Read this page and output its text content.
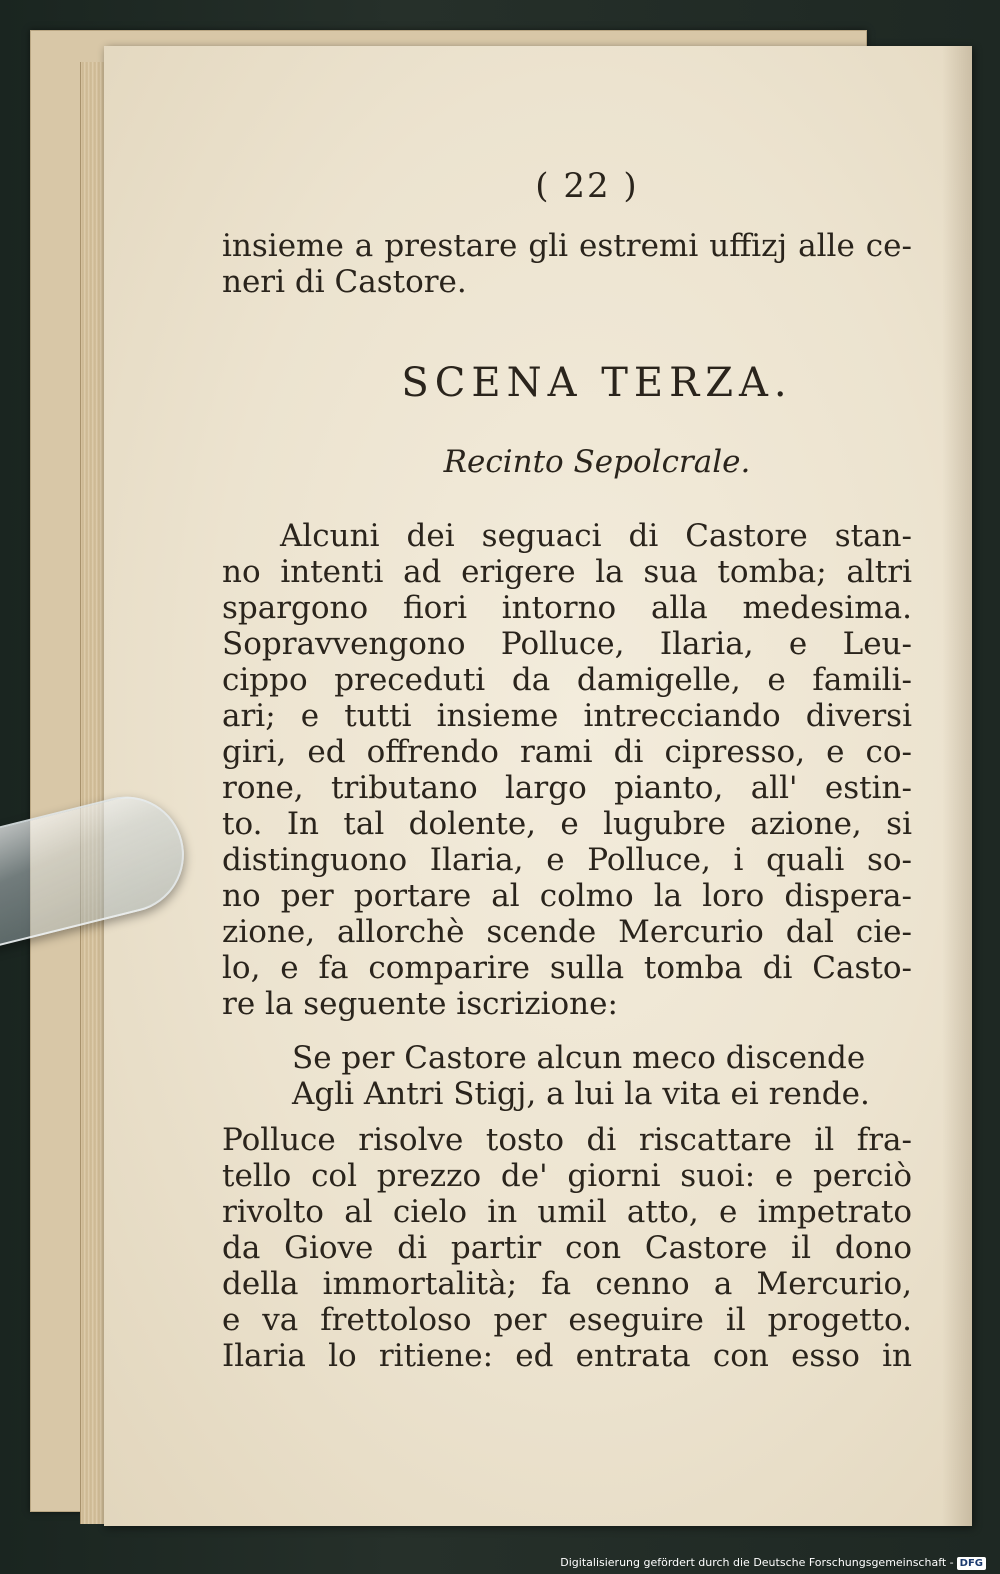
( 22 )
insieme a prestare gli estremi uffizj alle ce-
neri di Castore.
SCENA TERZA.
Recinto Sepolcrale.
Alcuni dei seguaci di Castore stan-
no intenti ad erigere la sua tomba; altri
spargono fiori intorno alla medesima.
Sopravvengono Polluce, Ilaria, e Leu-
cippo preceduti da damigelle, e famili-
ari; e tutti insieme intrecciando diversi
giri, ed offrendo rami di cipresso, e co-
rone, tributano largo pianto, all' estin-
to. In tal dolente, e lugubre azione, si
distinguono Ilaria, e Polluce, i quali so-
no per portare al colmo la loro dispera-
zione, allorchè scende Mercurio dal cie-
lo, e fa comparire sulla tomba di Casto-
re la seguente iscrizione:
Se per Castore alcun meco discende
Agli Antri Stigj, a lui la vita ei rende.
Polluce risolve tosto di riscattare il fra-
tello col prezzo de' giorni suoi: e perciò
rivolto al cielo in umil atto, e impetrato
da Giove di partir con Castore il dono
della immortalità; fa cenno a Mercurio,
e va frettoloso per eseguire il progetto.
Ilaria lo ritiene: ed entrata con esso in
Digitalisierung gefördert durch die Deutsche Forschungsgemeinschaft - DFG
